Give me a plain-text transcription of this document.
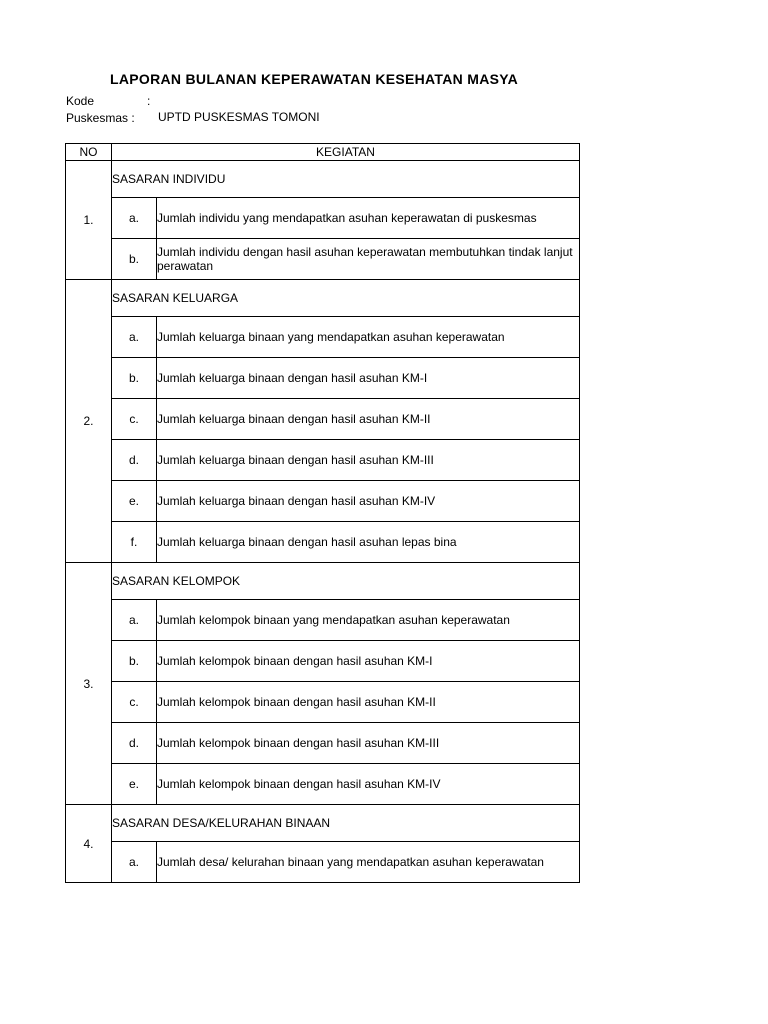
LAPORAN BULANAN KEPERAWATAN KESEHATAN MASYA
Kode	:
Puskesmas : UPTD PUSKESMAS TOMONI
NO	KEGIATAN	
1.	SASARAN INDIVIDU	
	a.	Jumlah individu yang mendapatkan asuhan keperawatan di puskesmas
	b.	Jumlah individu dengan hasil asuhan keperawatan membutuhkan tindak lanjut perawatan
2.	SASARAN KELUARGA	
	a.	Jumlah keluarga binaan yang mendapatkan asuhan keperawatan
	b.	Jumlah keluarga binaan dengan hasil asuhan KM-I
	c.	Jumlah keluarga binaan dengan hasil asuhan KM-II
	d.	Jumlah keluarga binaan dengan hasil asuhan KM-III
	e.	Jumlah keluarga binaan dengan hasil asuhan KM-IV
	f.	Jumlah keluarga binaan dengan hasil asuhan lepas bina
3.	SASARAN KELOMPOK	
	a.	Jumlah kelompok binaan yang mendapatkan asuhan keperawatan
	b.	Jumlah kelompok binaan dengan hasil asuhan KM-I
	c.	Jumlah kelompok binaan dengan hasil asuhan KM-II
	d.	Jumlah kelompok binaan dengan hasil asuhan KM-III
	e.	Jumlah kelompok binaan dengan hasil asuhan KM-IV
4.	SASARAN DESA/KELURAHAN BINAAN	
	a.	Jumlah desa/ kelurahan binaan yang mendapatkan asuhan keperawatan
